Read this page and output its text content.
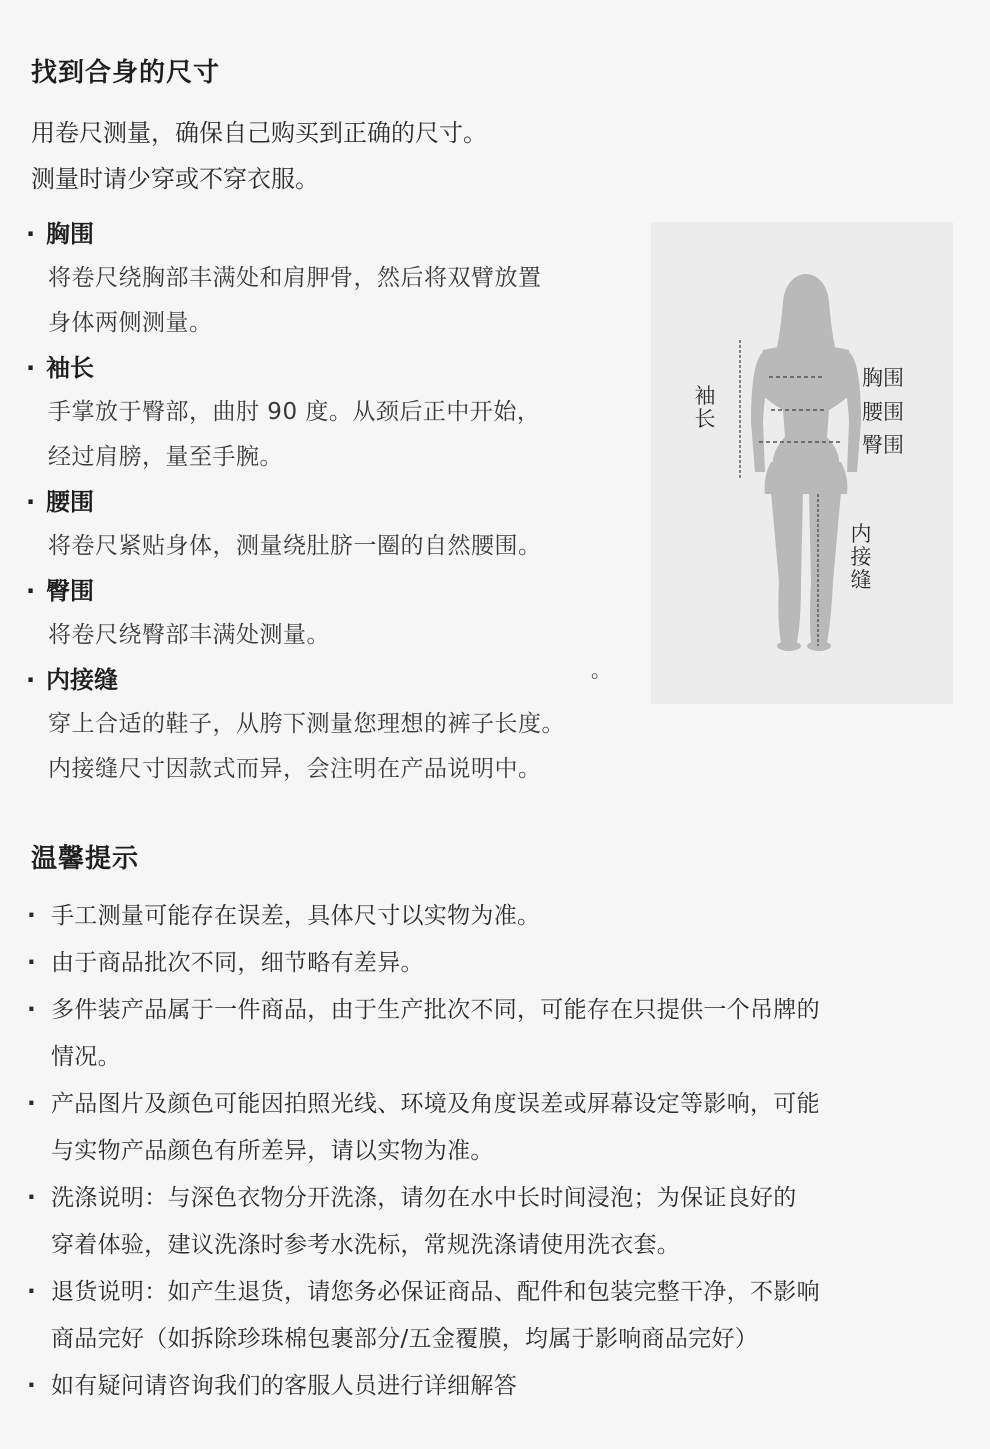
找到合身的尺寸
用卷尺测量，确保自己购买到正确的尺寸。
测量时请少穿或不穿衣服。
· 胸围
将卷尺绕胸部丰满处和肩胛骨，然后将双臂放置
身体两侧测量。
· 袖长
手掌放于臀部，曲肘 90 度。从颈后正中开始，
经过肩膀，量至手腕。
· 腰围
将卷尺紧贴身体，测量绕肚脐一圈的自然腰围。
· 臀围
将卷尺绕臀部丰满处测量。
· 内接缝
穿上合适的鞋子，从胯下测量您理想的裤子长度。
内接缝尺寸因款式而异，会注明在产品说明中。
。
袖长
胸围
腰围
臀围
内接缝
温馨提示
· 手工测量可能存在误差，具体尺寸以实物为准。
· 由于商品批次不同，细节略有差异。
· 多件装产品属于一件商品，由于生产批次不同，可能存在只提供一个吊牌的
情况。
· 产品图片及颜色可能因拍照光线、环境及角度误差或屏幕设定等影响，可能
与实物产品颜色有所差异，请以实物为准。
· 洗涤说明：与深色衣物分开洗涤，请勿在水中长时间浸泡；为保证良好的
穿着体验，建议洗涤时参考水洗标，常规洗涤请使用洗衣套。
· 退货说明：如产生退货，请您务必保证商品、配件和包装完整干净，不影响
商品完好（如拆除珍珠棉包裹部分/五金覆膜，均属于影响商品完好）
· 如有疑问请咨询我们的客服人员进行详细解答
